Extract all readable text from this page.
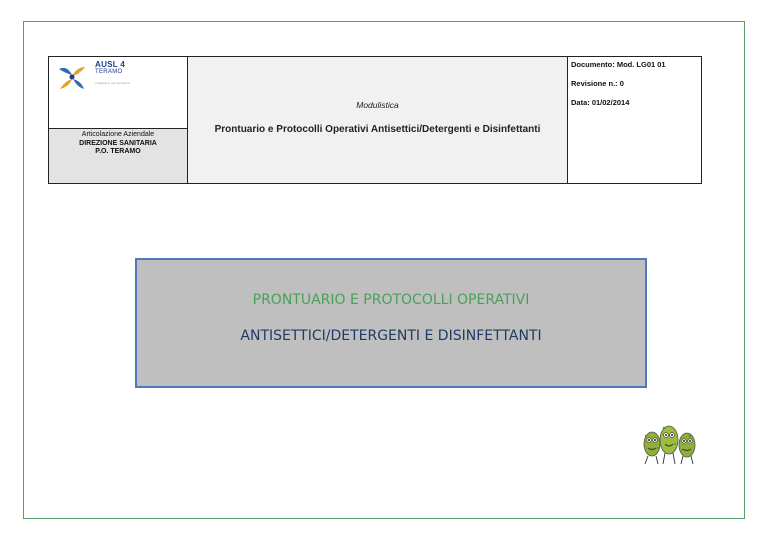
AUSL 4
TERAMO
il valore è nel territorio
Articolazione Aziendale
DIREZIONE SANITARIA
P.O. TERAMO
Modulistica
Prontuario e Protocolli Operativi Antisettici/Detergenti e Disinfettanti
Documento: Mod. LG01 01
Revisione n.: 0
Data: 01/02/2014
PRONTUARIO E PROTOCOLLI OPERATIVI
ANTISETTICI/DETERGENTI E DISINFETTANTI
